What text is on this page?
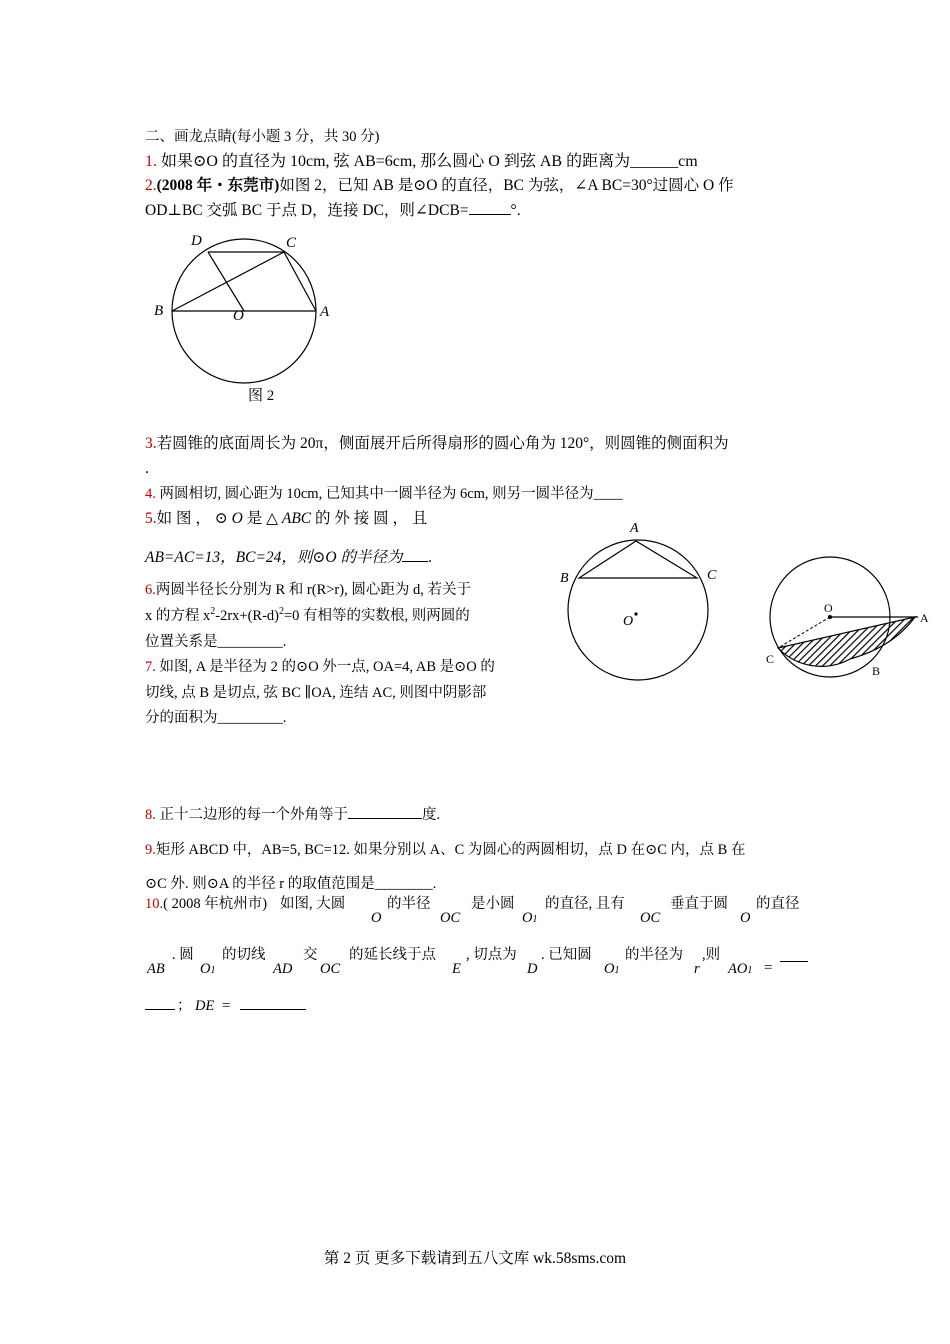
二、画龙点睛(每小题 3 分，共 30 分)
1. 如果⊙O 的直径为 10cm, 弦 AB=6cm, 那么圆心 O 到弦 AB 的距离为______cm
2.(2008 年・东莞市)如图 2，已知 AB 是⊙O 的直径，BC 为弦，∠A BC=30°过圆心 O 作
OD⊥BC 交弧 BC 于点 D，连接 DC，则∠DCB=	°.
D	C
B	O	A
图 2
3.若圆锥的底面周长为 20π，侧面展开后所得扇形的圆心角为 120°，则圆锥的侧面积为
.
4. 两圆相切, 圆心距为 10cm, 已知其中一圆半径为 6cm, 则另一圆半径为____
5.如 图 ， ⊙ O 是 △ ABC 的 外 接 圆 ， 且
AB=AC=13，BC=24，则⊙O 的半径为 .
6.两圆半径长分别为 R 和 r(R>r), 圆心距为 d, 若关于
x 的方程 $x^2-2rx+(R-d)^2=0$ 有相等的实数根, 则两圆的
位置关系是_________.
7. 如图, A 是半径为 2 的⊙O 外一点, OA=4, AB 是⊙O 的
切线, 点 B 是切点, 弦 BC ∥OA, 连结 AC, 则图中阴影部
分的面积为_________.
A
B	C
O
O
A
C
B
8. 正十二边形的每一个外角等于	度.
9.矩形 ABCD 中，AB=5, BC=12. 如果分别以 A、C 为圆心的两圆相切，点 D 在⊙C 内，点 B 在
⊙C 外. 则⊙A 的半径 r 的取值范围是________.
10.( 2008 年杭州市) 如图, 大圆
O
的半径
OC
是小圆
O1
的直径, 且有
OC
垂直于圆
O
的直径
AB
. 圆
O1
的切线
AD
交
OC
的延长线于点
E
, 切点为
D
. 已知圆
O1
的半径为
r
,则
AO1 =
； DE =
第 2 页 更多下载请到五八文库 wk.58sms.com
